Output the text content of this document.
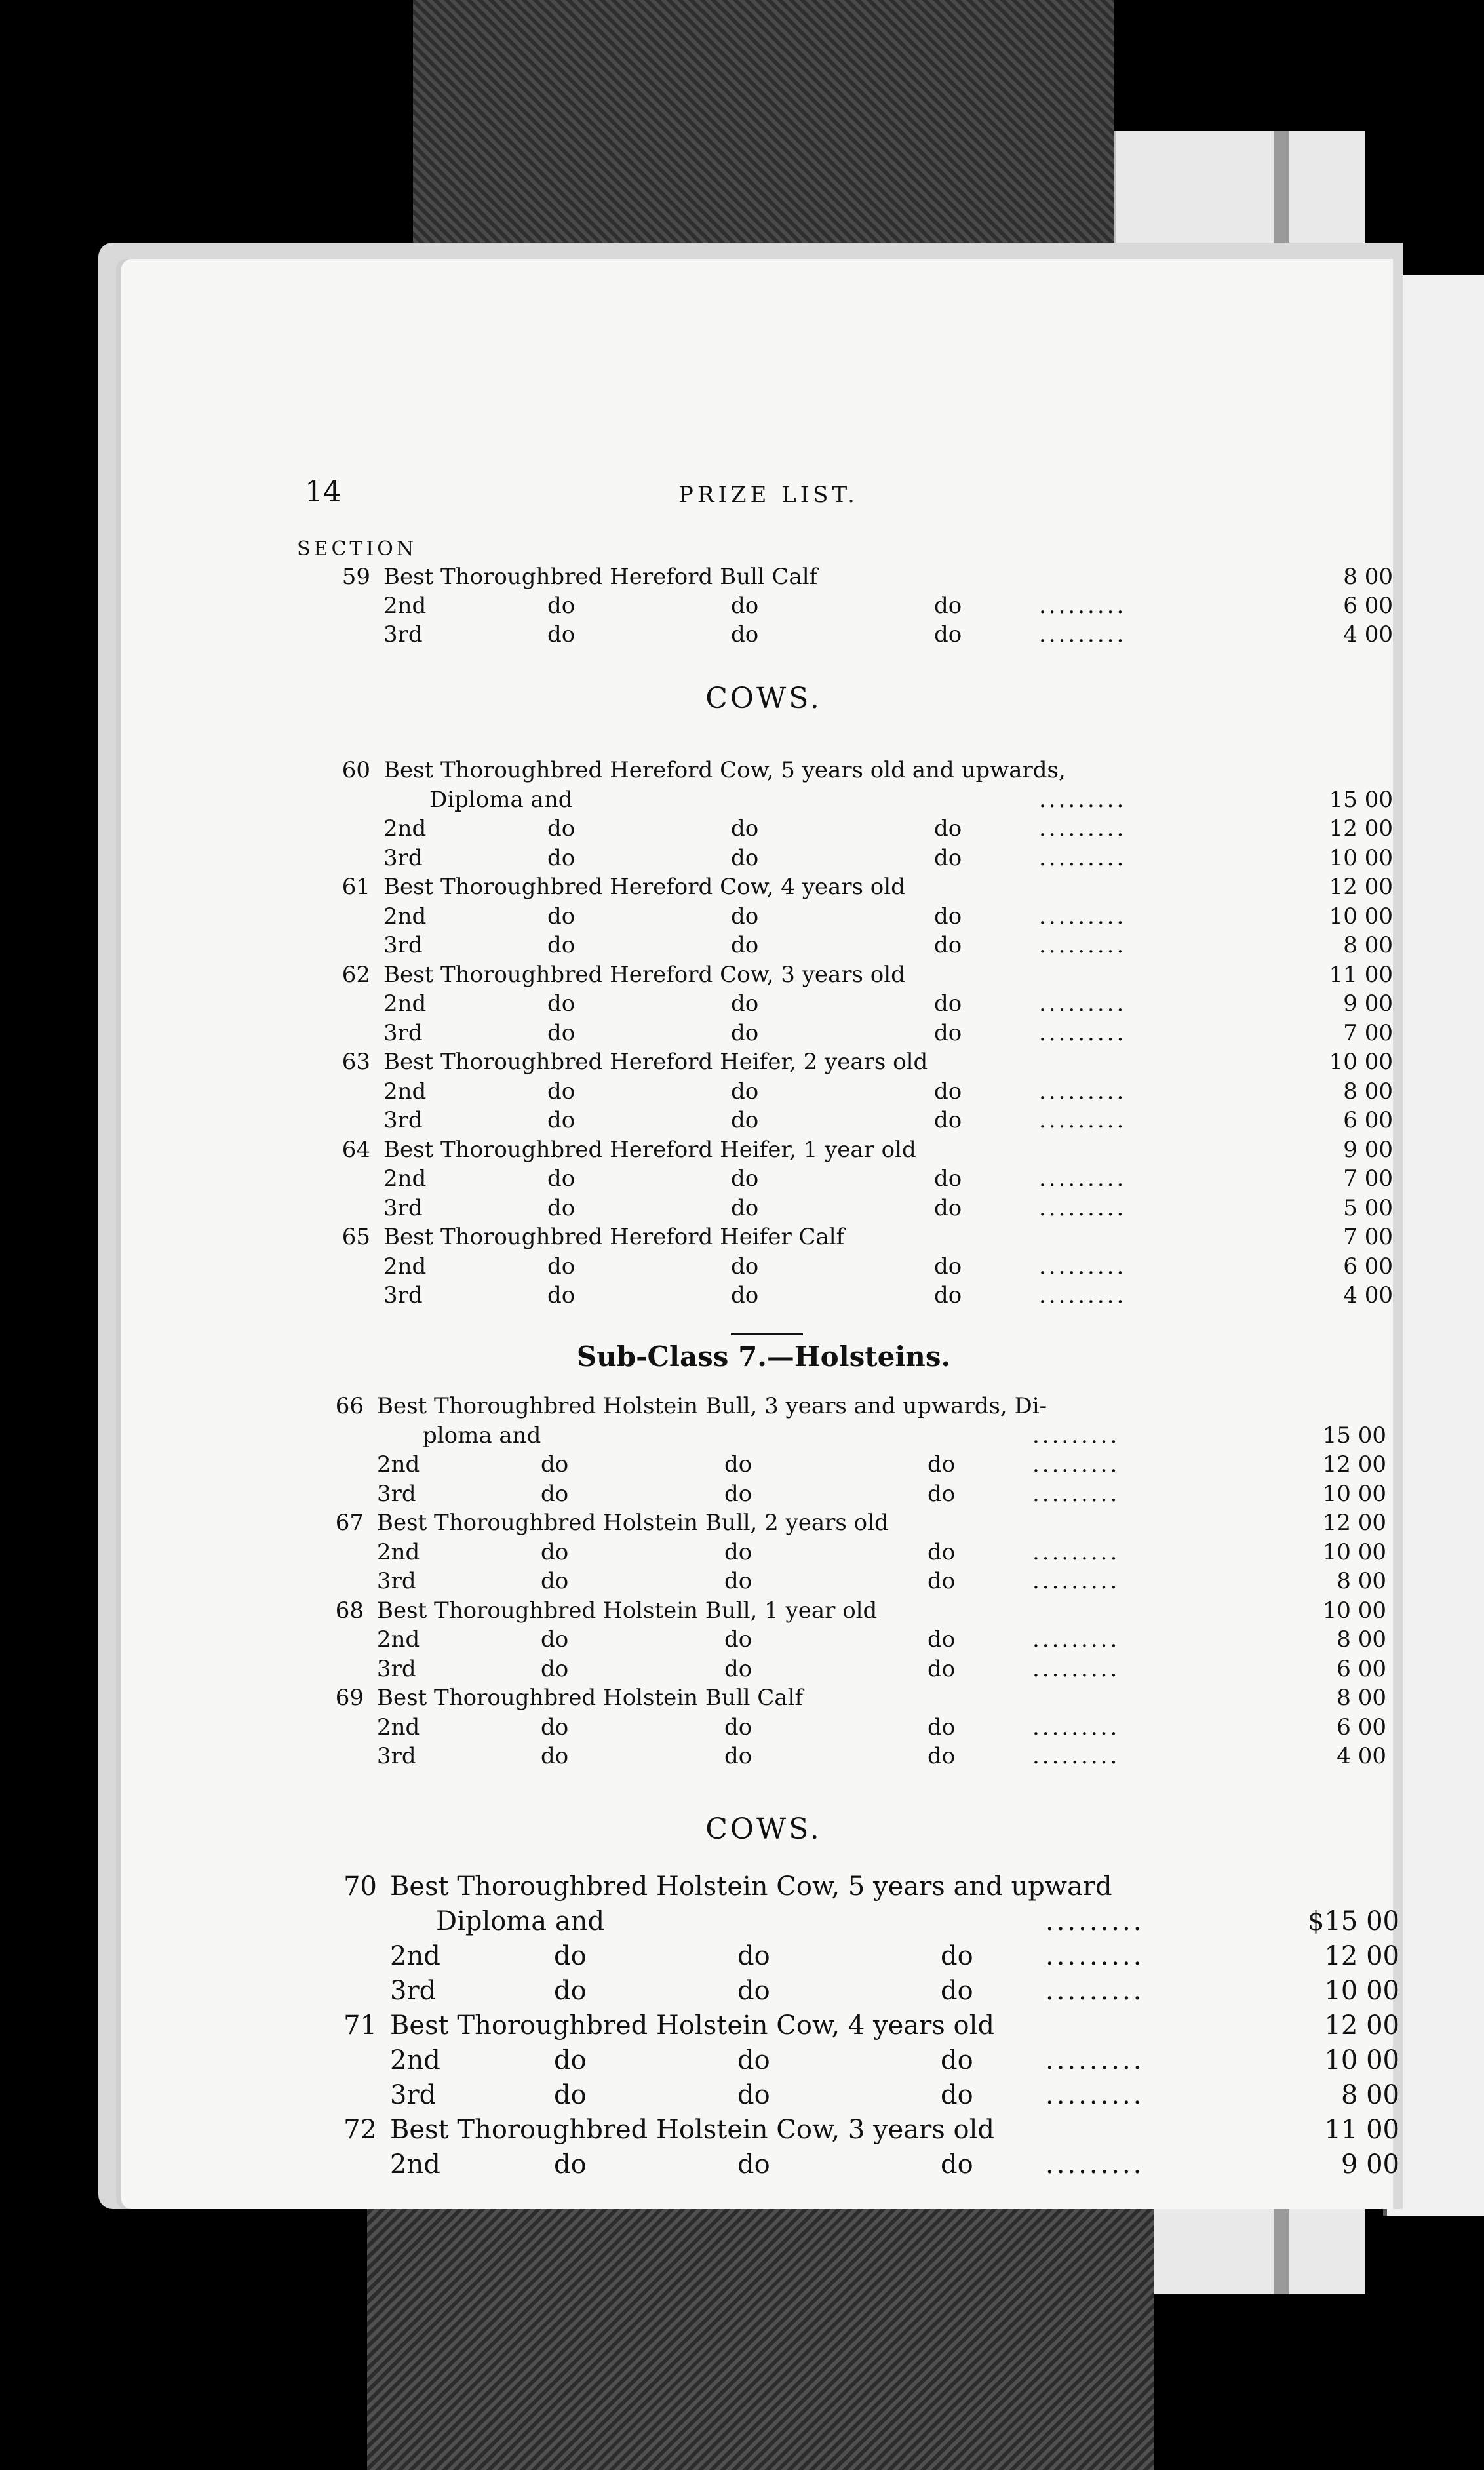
14	PRIZE LIST.
SECTION
59 Best Thoroughbred Hereford Bull Calf	8 00
2nd	do	do	do	.........	6 00
3rd	do	do	do	.........	4 00
COWS.
60 Best Thoroughbred Hereford Cow, 5 years old and upwards,
Diploma and	.........	15 00
2nd	do	do	do	.........	12 00
3rd	do	do	do	.........	10 00
61 Best Thoroughbred Hereford Cow, 4 years old	12 00
2nd	do	do	do	.........	10 00
3rd	do	do	do	.........	8 00
62 Best Thoroughbred Hereford Cow, 3 years old	11 00
2nd	do	do	do	.........	9 00
3rd	do	do	do	.........	7 00
63 Best Thoroughbred Hereford Heifer, 2 years old	10 00
2nd	do	do	do	.........	8 00
3rd	do	do	do	.........	6 00
64 Best Thoroughbred Hereford Heifer, 1 year old	9 00
2nd	do	do	do	.........	7 00
3rd	do	do	do	.........	5 00
65 Best Thoroughbred Hereford Heifer Calf	7 00
2nd	do	do	do	.........	6 00
3rd	do	do	do	.........	4 00
Sub-Class 7.—Holsteins.
66 Best Thoroughbred Holstein Bull, 3 years and upwards, Di-
ploma and	.........	15 00
2nd	do	do	do	.........	12 00
3rd	do	do	do	.........	10 00
67 Best Thoroughbred Holstein Bull, 2 years old	12 00
2nd	do	do	do	.........	10 00
3rd	do	do	do	.........	8 00
68 Best Thoroughbred Holstein Bull, 1 year old	10 00
2nd	do	do	do	.........	8 00
3rd	do	do	do	.........	6 00
69 Best Thoroughbred Holstein Bull Calf	8 00
2nd	do	do	do	.........	6 00
3rd	do	do	do	.........	4 00
COWS.
70 Best Thoroughbred Holstein Cow, 5 years and upward
Diploma and	.........	$15 00
2nd	do	do	do	.........	12 00
3rd	do	do	do	.........	10 00
71 Best Thoroughbred Holstein Cow, 4 years old	12 00
2nd	do	do	do	.........	10 00
3rd	do	do	do	.........	8 00
72 Best Thoroughbred Holstein Cow, 3 years old	11 00
2nd	do	do	do	.........	9 00
